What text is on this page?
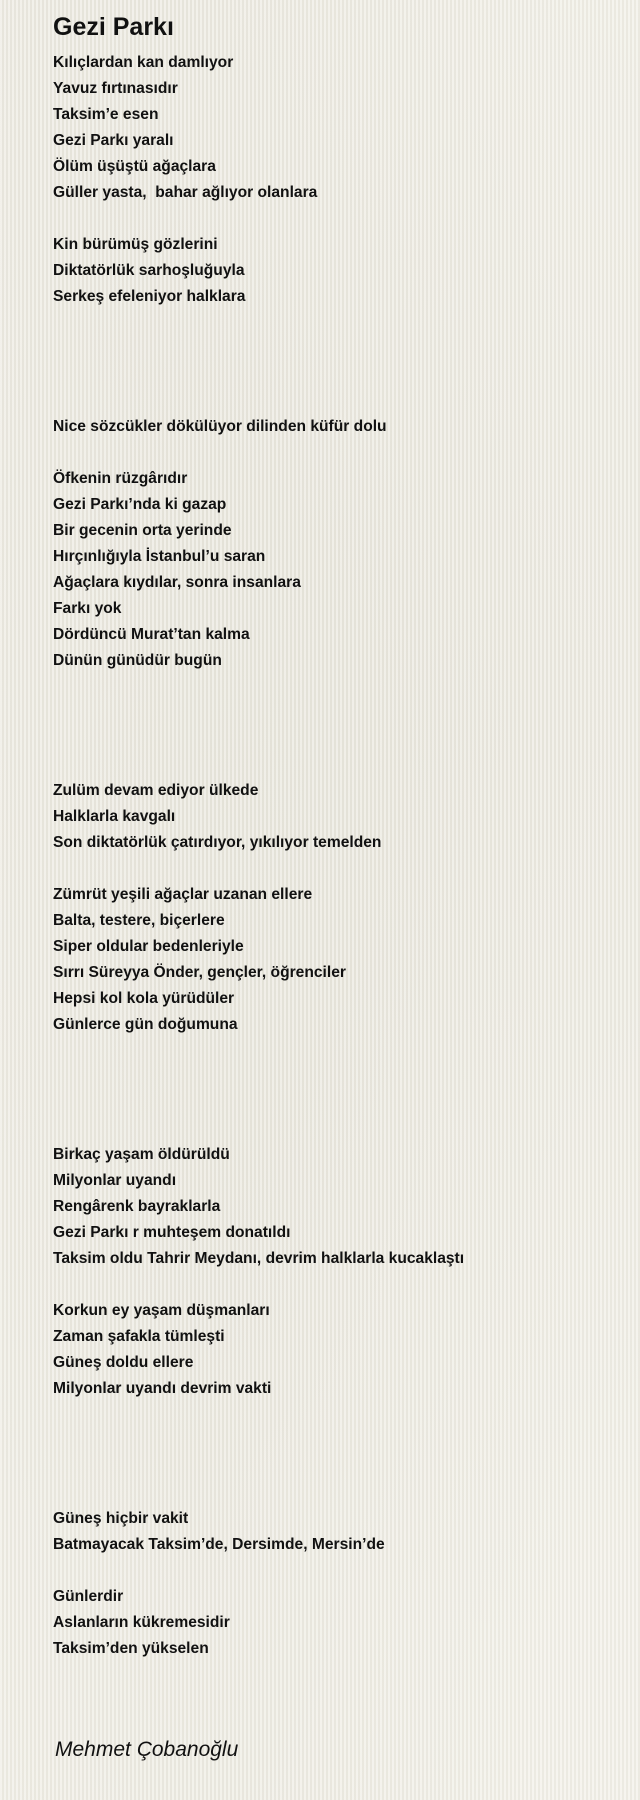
Gezi Parkı
Kılıçlardan kan damlıyor
Yavuz fırtınasıdır
Taksim’e esen
Gezi Parkı yaralı
Ölüm üşüştü ağaçlara
Güller yasta,  bahar ağlıyor olanlara
Kin bürümüş gözlerini
Diktatörlük sarhoşluğuyla
Serkeş efeleniyor halklara
Nice sözcükler dökülüyor dilinden küfür dolu
Öfkenin rüzgârıdır
Gezi Parkı’nda ki gazap
Bir gecenin orta yerinde
Hırçınlığıyla İstanbul’u saran
Ağaçlara kıydılar, sonra insanlara
Farkı yok
Dördüncü Murat’tan kalma
Dünün günüdür bugün
Zulüm devam ediyor ülkede
Halklarla kavgalı
Son diktatörlük çatırdıyor, yıkılıyor temelden
Zümrüt yeşili ağaçlar uzanan ellere
Balta, testere, biçerlere
Siper oldular bedenleriyle
Sırrı Süreyya Önder, gençler, öğrenciler
Hepsi kol kola yürüdüler
Günlerce gün doğumuna
Birkaç yaşam öldürüldü
Milyonlar uyandı
Rengârenk bayraklarla
Gezi Parkı r muhteşem donatıldı
Taksim oldu Tahrir Meydanı, devrim halklarla kucaklaştı
Korkun ey yaşam düşmanları
Zaman şafakla tümleşti
Güneş doldu ellere
Milyonlar uyandı devrim vakti
Güneş hiçbir vakit
Batmayacak Taksim’de, Dersimde, Mersin’de
Günlerdir
Aslanların kükremesidir
Taksim’den yükselen
Mehmet Çobanoğlu
